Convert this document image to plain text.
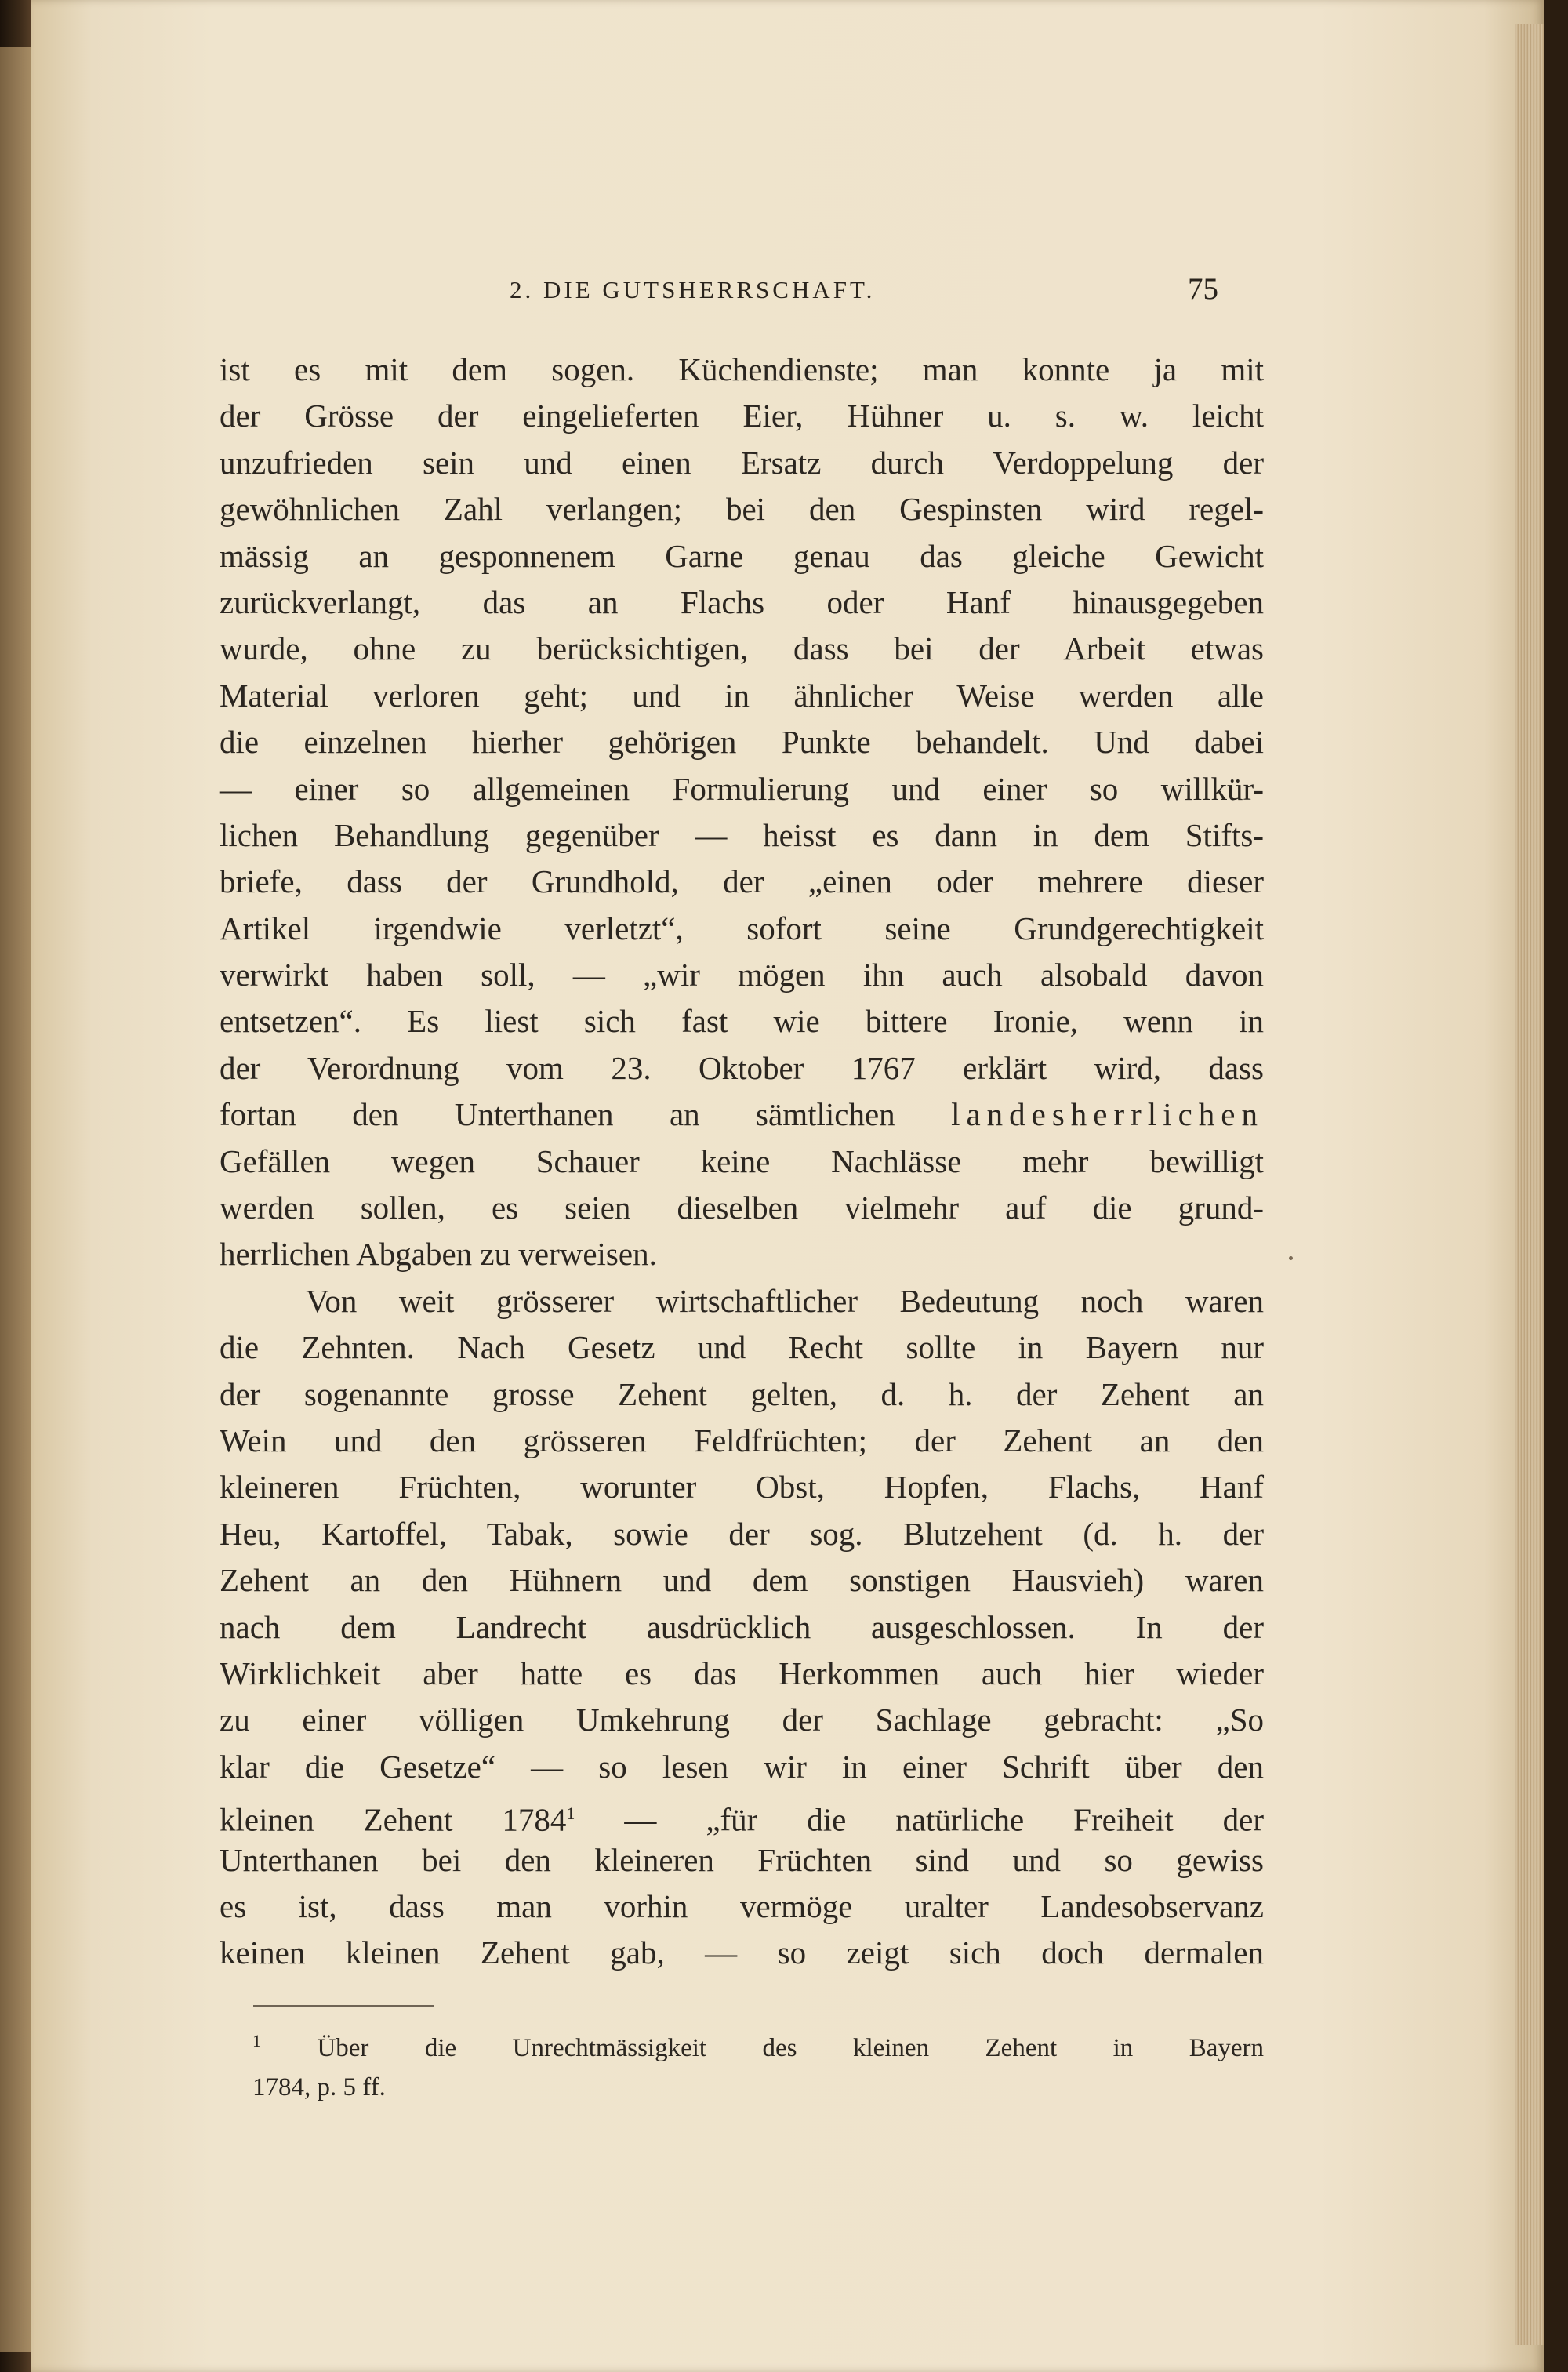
2. DIE GUTSHERRSCHAFT.	75

ist es mit dem sogen. Küchendienste; man konnte ja mit
der Grösse der eingelieferten Eier, Hühner u. s. w. leicht
unzufrieden sein und einen Ersatz durch Verdoppelung der
gewöhnlichen Zahl verlangen; bei den Gespinsten wird regel-
mässig an gesponnenem Garne genau das gleiche Gewicht
zurückverlangt, das an Flachs oder Hanf hinausgegeben
wurde, ohne zu berücksichtigen, dass bei der Arbeit etwas
Material verloren geht; und in ähnlicher Weise werden alle
die einzelnen hierher gehörigen Punkte behandelt. Und dabei
— einer so allgemeinen Formulierung und einer so willkür-
lichen Behandlung gegenüber — heisst es dann in dem Stifts-
briefe, dass der Grundhold, der „einen oder mehrere dieser
Artikel irgendwie verletzt“, sofort seine Grundgerechtigkeit
verwirkt haben soll, — „wir mögen ihn auch alsobald davon
entsetzen“. Es liest sich fast wie bittere Ironie, wenn in
der Verordnung vom 23. Oktober 1767 erklärt wird, dass
fortan den Unterthanen an sämtlichen landesherrlichen
Gefällen wegen Schauer keine Nachlässe mehr bewilligt
werden sollen, es seien dieselben vielmehr auf die grund-
herrlichen Abgaben zu verweisen.

Von weit grösserer wirtschaftlicher Bedeutung noch waren
die Zehnten. Nach Gesetz und Recht sollte in Bayern nur
der sogenannte grosse Zehent gelten, d. h. der Zehent an
Wein und den grösseren Feldfrüchten; der Zehent an den
kleineren Früchten, worunter Obst, Hopfen, Flachs, Hanf
Heu, Kartoffel, Tabak, sowie der sog. Blutzehent (d. h. der
Zehent an den Hühnern und dem sonstigen Hausvieh) waren
nach dem Landrecht ausdrücklich ausgeschlossen. In der
Wirklichkeit aber hatte es das Herkommen auch hier wieder
zu einer völligen Umkehrung der Sachlage gebracht: „So
klar die Gesetze“ — so lesen wir in einer Schrift über den
kleinen Zehent 1784$^1$ — „für die natürliche Freiheit der
Unterthanen bei den kleineren Früchten sind und so gewiss
es ist, dass man vorhin vermöge uralter Landesobservanz
keinen kleinen Zehent gab, — so zeigt sich doch dermalen

$^1$ Über die Unrechtmässigkeit des kleinen Zehent in Bayern
1784, p. 5 ff.
